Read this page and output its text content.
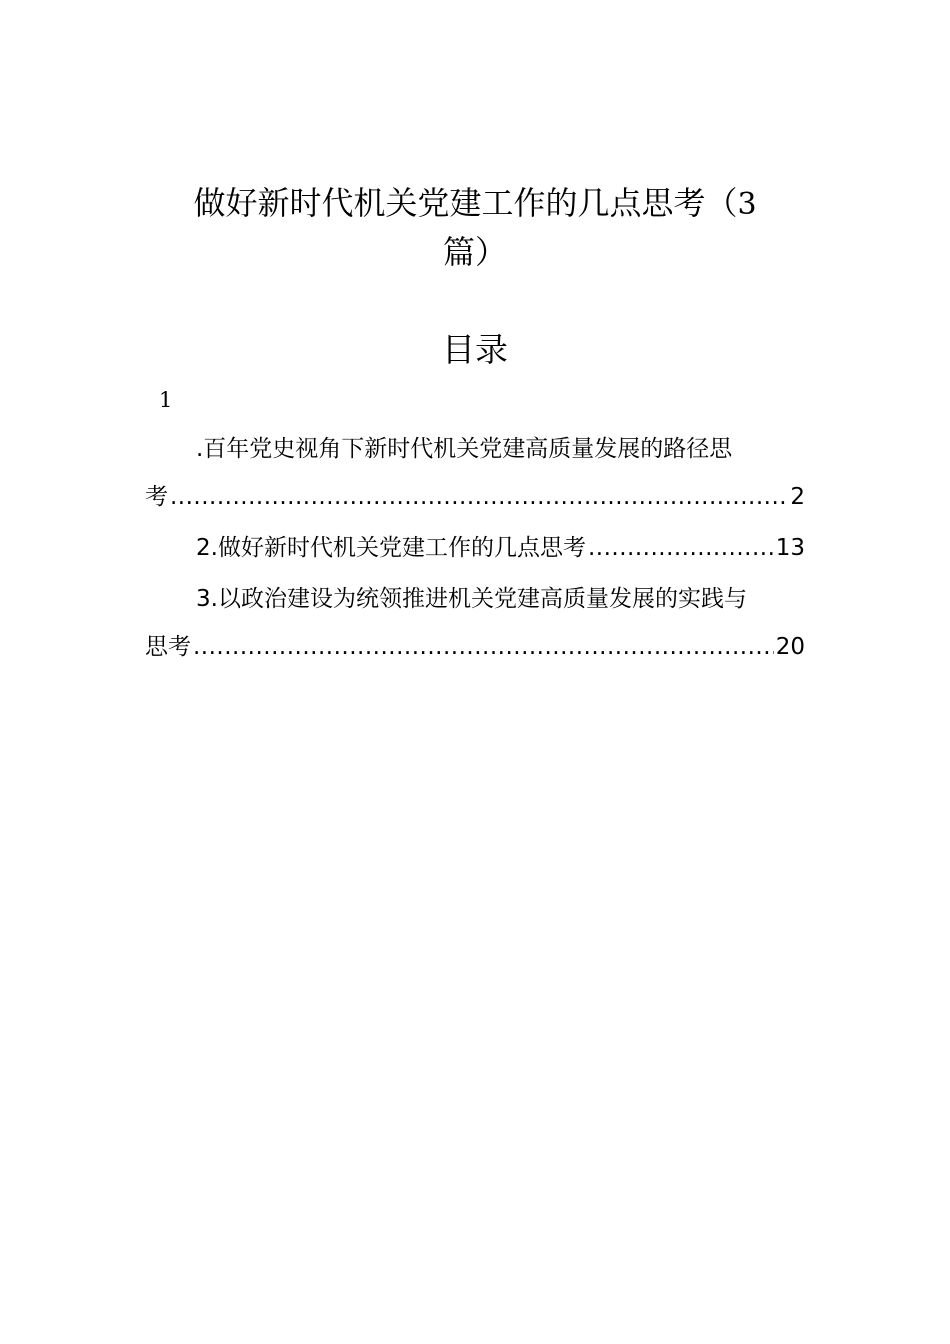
做好新时代机关党建工作的几点思考（3
篇）
目录
1
.百年党史视角下新时代机关党建高质量发展的路径思
考 .....	2
2.做好新时代机关党建工作的几点思考 .....	13
3.以政治建设为统领推进机关党建高质量发展的实践与
思考 .....	20
